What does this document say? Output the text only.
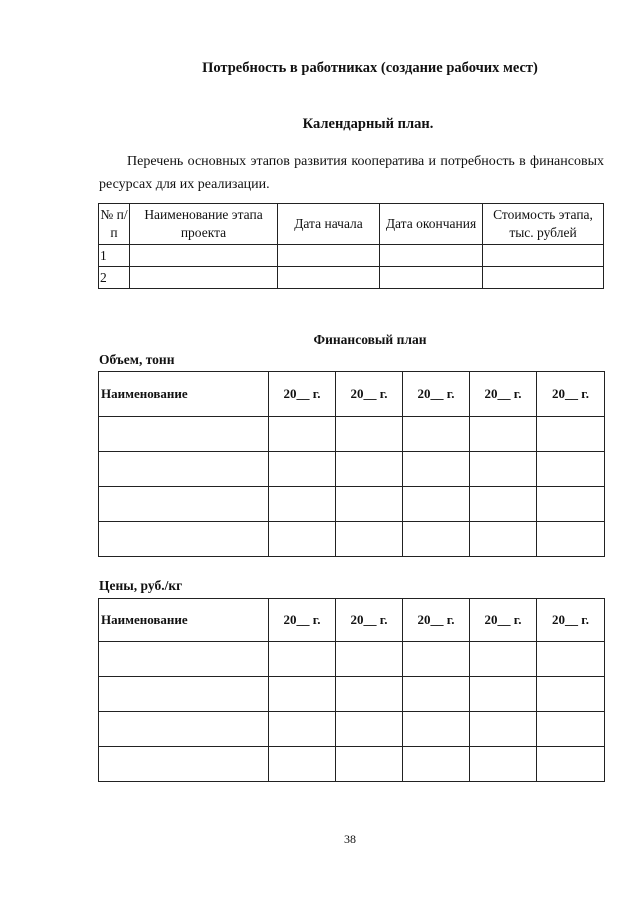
Потребность в работниках (создание рабочих мест)
Календарный план.
Перечень основных этапов развития кооператива и потребность в финансовых ресурсах для их реализации.
№ п/п	Наименование этапа проекта	Дата начала	Дата окончания	Стоимость этапа, тыс. рублей
1				
2				
Финансовый план
Объем, тонн
Наименование	20__ г.	20__ г.	20__ г.	20__ г.	20__ г.

Цены, руб./кг
Наименование	20__ г.	20__ г.	20__ г.	20__ г.	20__ г.

38
